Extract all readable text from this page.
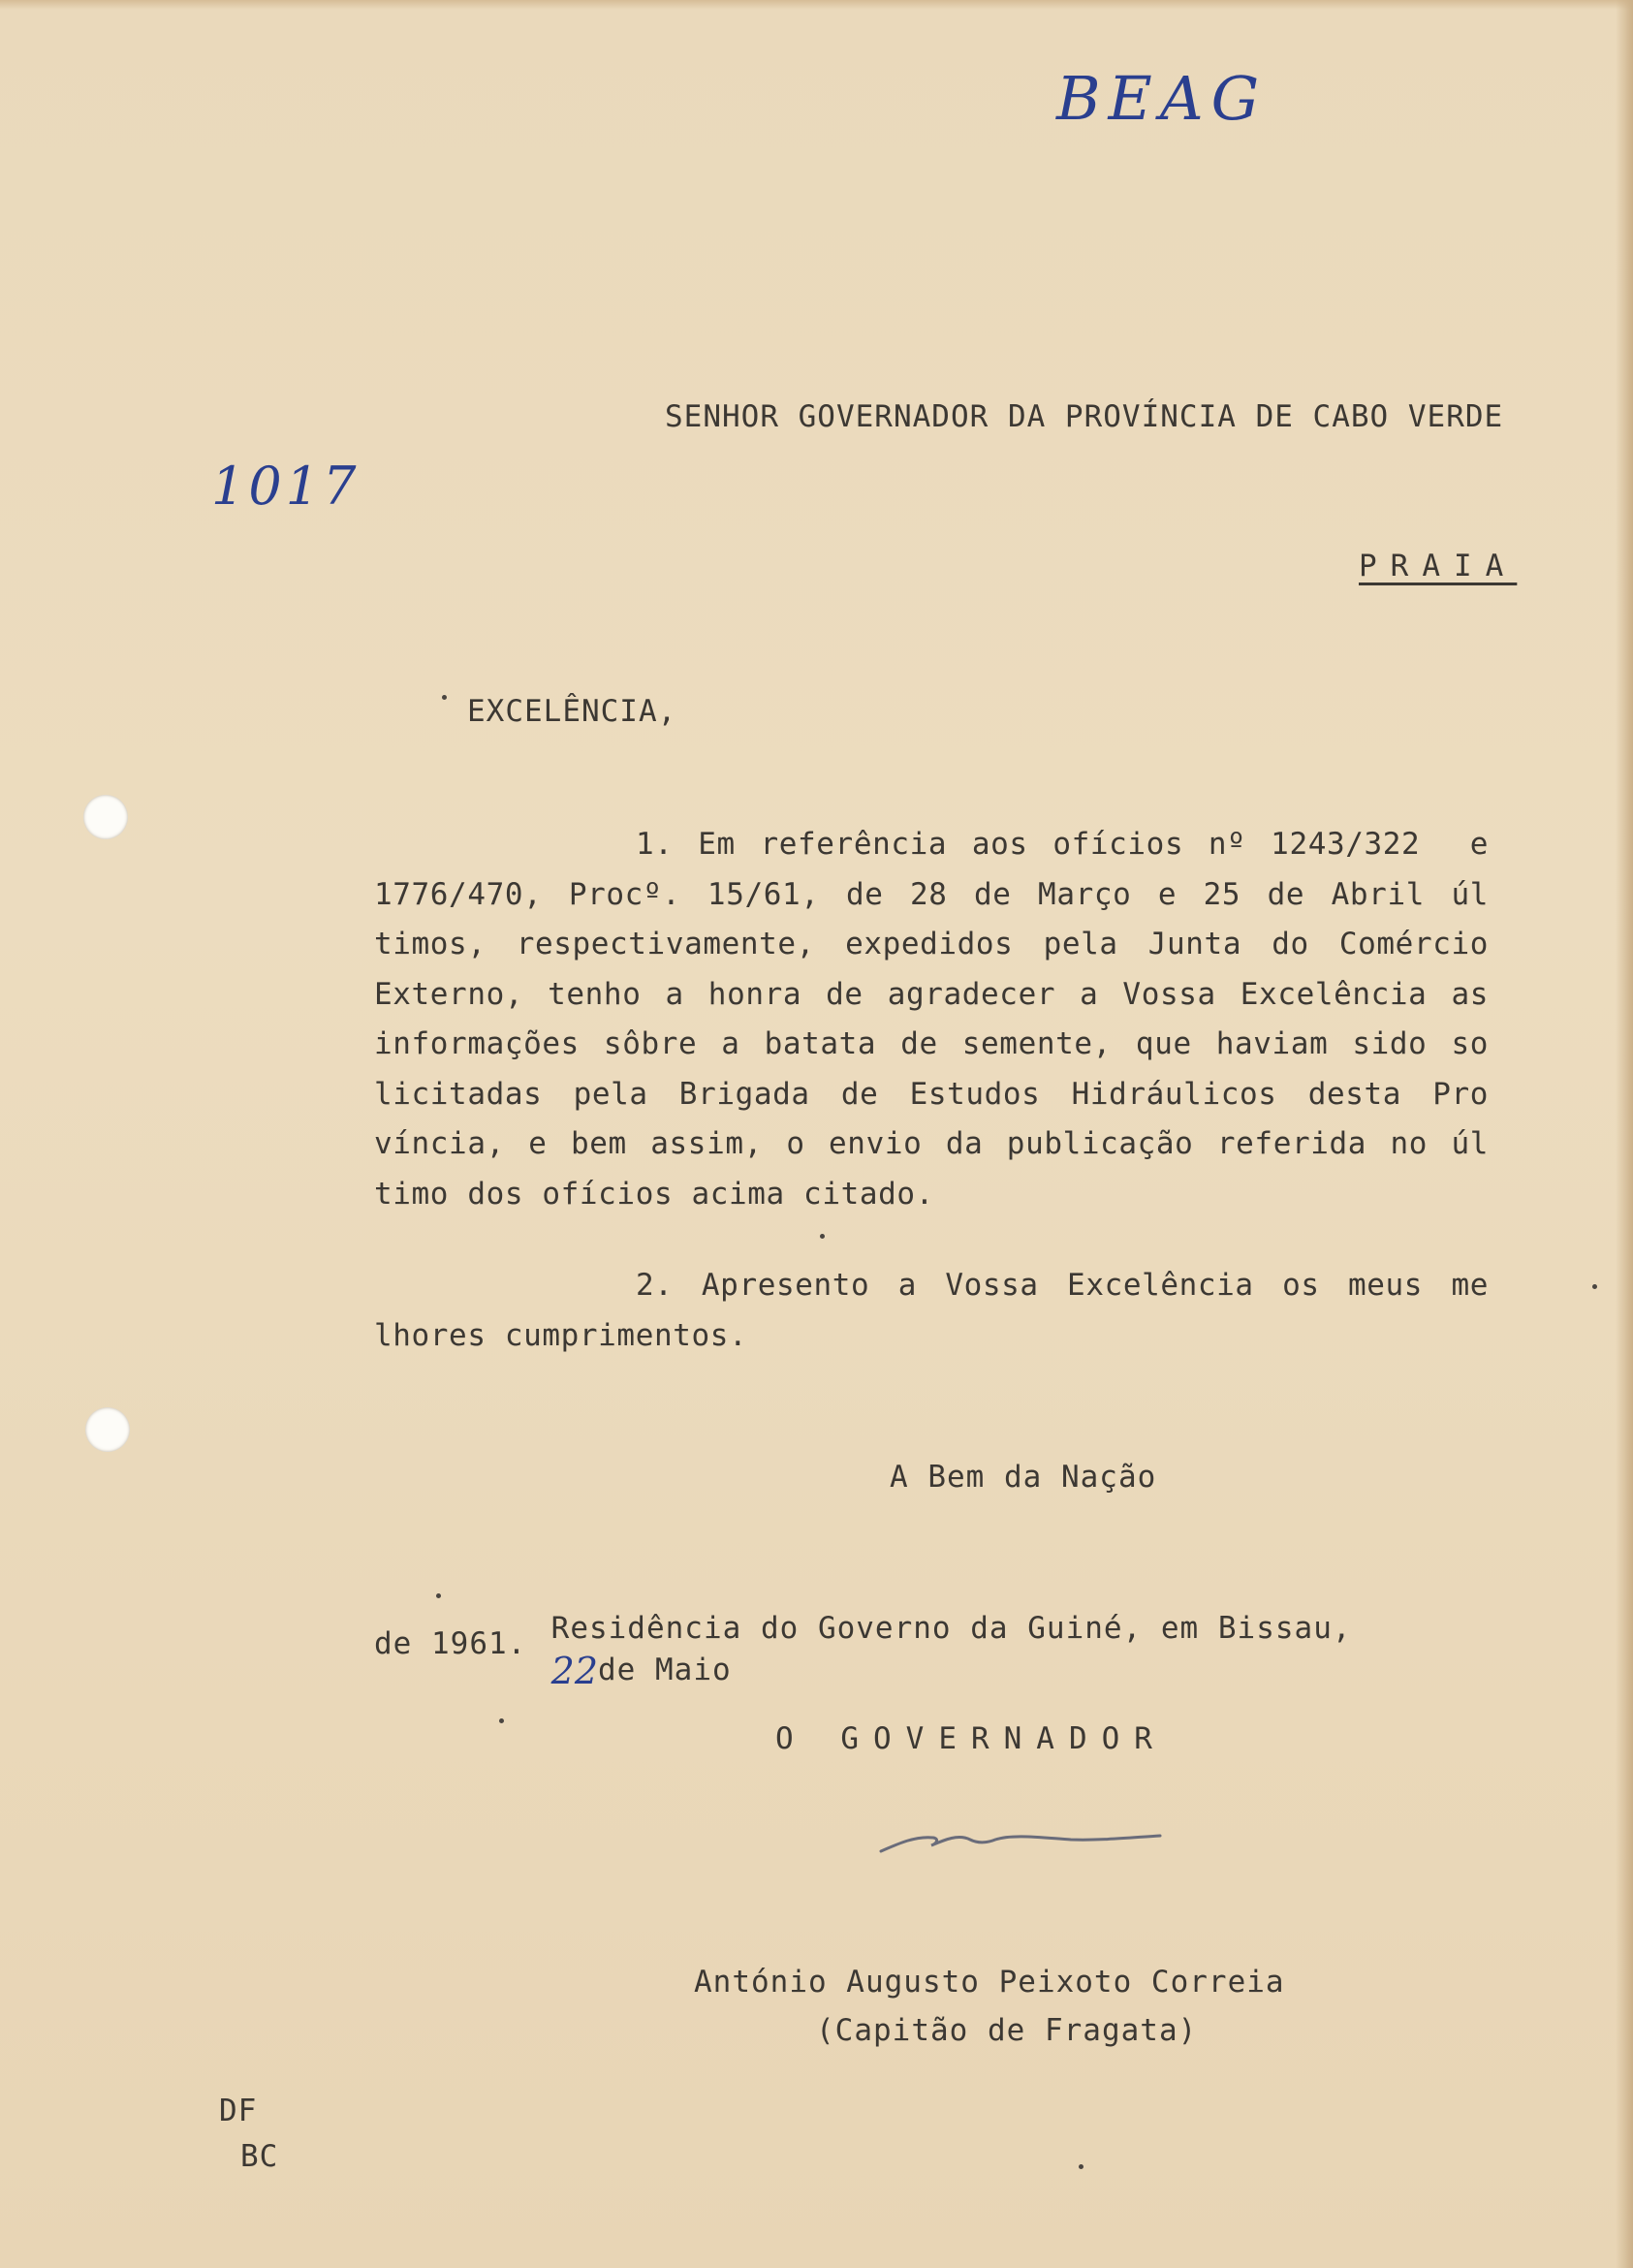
BEAG
1017
SENHOR GOVERNADOR DA PROVÍNCIA DE CABO VERDE
PRAIA
EXCELÊNCIA,
1. Em referência aos ofícios nº 1243/322  e
1776/470, Procº. 15/61, de 28 de Março e 25 de Abril úl
timos, respectivamente, expedidos pela Junta do Comércio
Externo, tenho a honra de agradecer a Vossa Excelência as
informações sôbre a batata de semente, que haviam sido so
licitadas pela Brigada de Estudos Hidráulicos desta Pro
víncia, e bem assim, o envio da publicação referida no úl
timo dos ofícios acima citado.
2. Apresento a Vossa Excelência os meus me
lhores cumprimentos.
A Bem da Nação

Residência do Governo da Guiné, em Bissau,
22de Maio

de 1961.
O GOVERNADOR
António Augusto Peixoto Correia
(Capitão de Fragata)
DF
BC
